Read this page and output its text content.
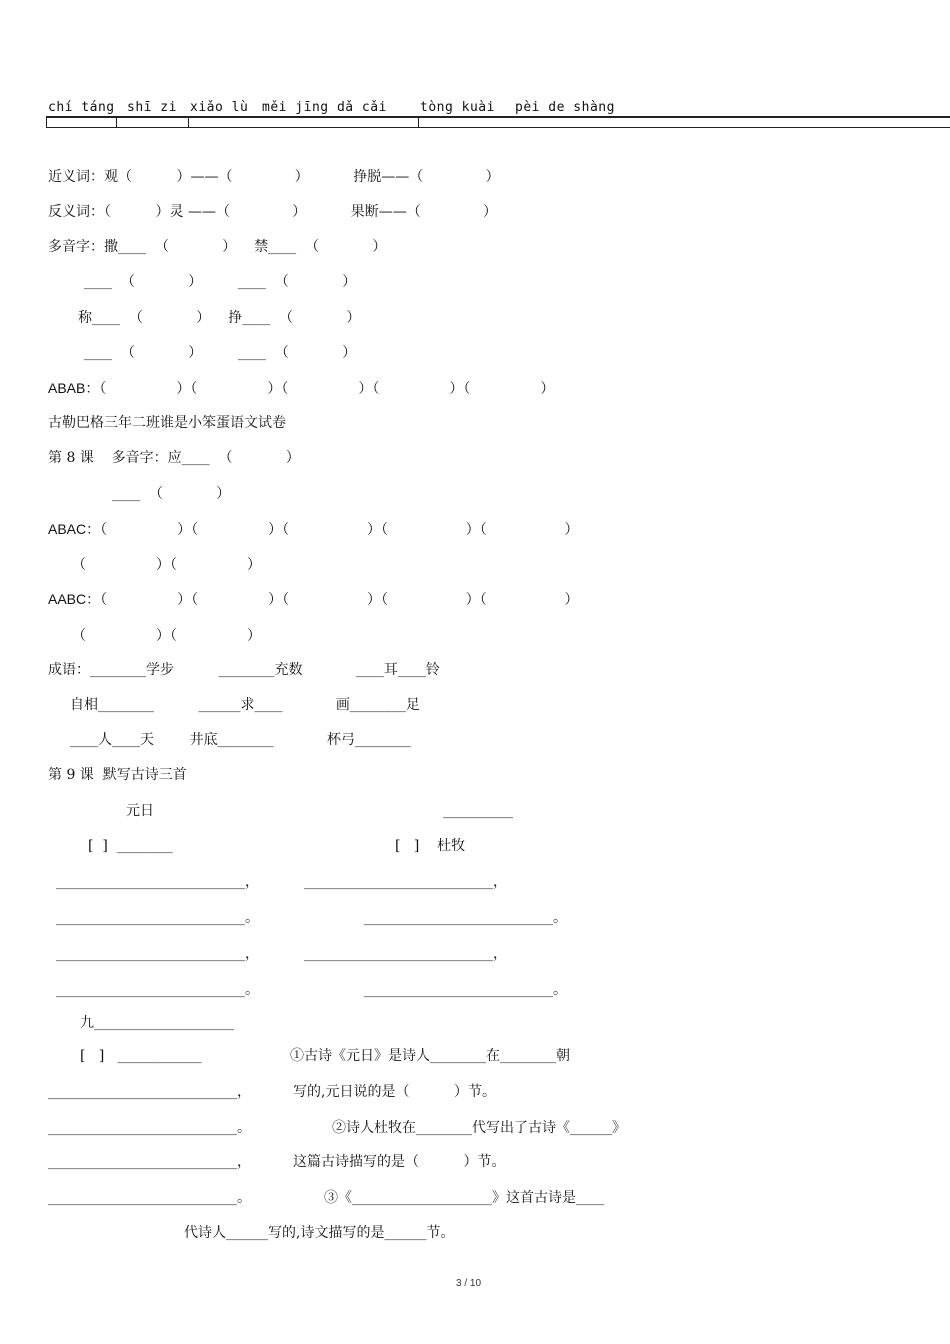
chí táng shī zi xiǎo lù měi jīng dǎ cǎi	tòng kuài pèi de shàng
近义词：观（          ）——（              ）          挣脱——（              ）
反义词：（          ）灵 ——（              ）          果断——（              ）
多音字：撒____  （            ）    禁____  （            ）
____  （            ）        ____  （            ）
称____  （            ）    挣____  （            ）
____  （            ）        ____  （            ）
ABAB：（                  ）（                  ）（                  ）（                  ）（                  ）
古勒巴格三年二班谁是小笨蛋语文试卷
第 8 课    多音字：应____  （            ）
____  （            ）
ABAC：（                  ）（                  ）（                    ）（                    ）（                    ）
（                  ）（                  ）
AABC：（                  ）（                  ）（                    ）（                    ）（                    ）
（                  ）（                  ）
成语：________学步          ________充数            ____耳____铃
自相________          ______求____            画________足
____人____天        井底________            杯弓________
第 9 课  默写古诗三首
元日	__________
[  ]  ________	[   ]    杜牧
___________________________，	___________________________，
___________________________。	___________________________。
___________________________，	___________________________，
___________________________。	___________________________。
九____________________
[   ]   ____________	①古诗《元日》是诗人________在________朝
___________________________，	写的,元日说的是（          ）节。
___________________________。	②诗人杜牧在________代写出了古诗《______》
___________________________，	这篇古诗描写的是（          ）节。
___________________________。	③《____________________》这首古诗是____
代诗人______写的,诗文描写的是______节。
3 / 10
